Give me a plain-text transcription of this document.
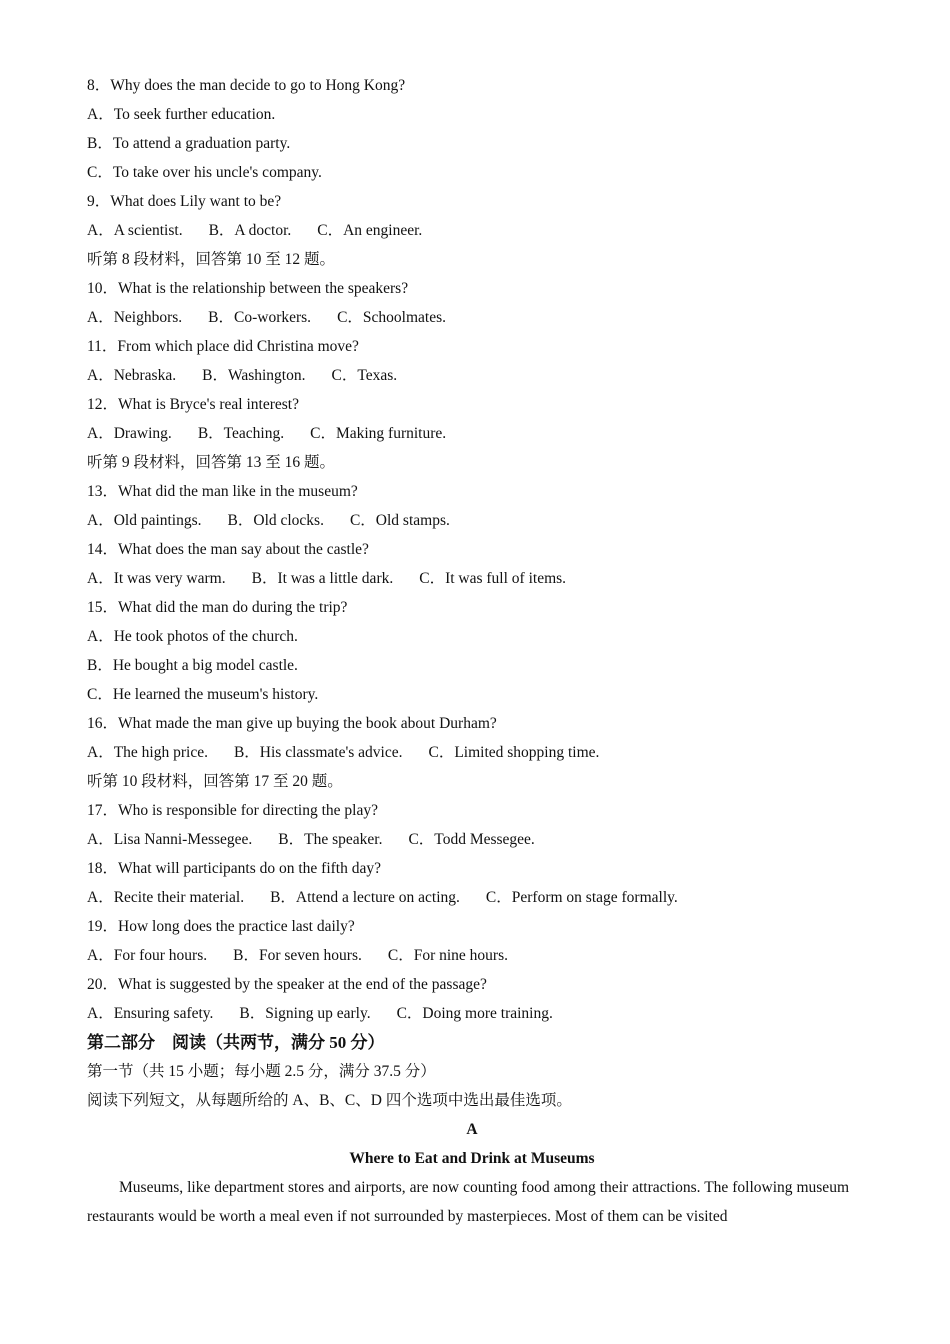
8．Why does the man decide to go to Hong Kong?
A．To seek further education.
B．To attend a graduation party.
C．To take over his uncle's company.
9．What does Lily want to be?
A．A scientist. B．A doctor. C．An engineer.
听第 8 段材料，回答第 10 至 12 题。
10．What is the relationship between the speakers?
A．Neighbors. B．Co-workers. C．Schoolmates.
11．From which place did Christina move?
A．Nebraska. B．Washington. C．Texas.
12．What is Bryce's real interest?
A．Drawing. B．Teaching. C．Making furniture.
听第 9 段材料，回答第 13 至 16 题。
13．What did the man like in the museum?
A．Old paintings. B．Old clocks. C．Old stamps.
14．What does the man say about the castle?
A．It was very warm. B．It was a little dark. C．It was full of items.
15．What did the man do during the trip?
A．He took photos of the church.
B．He bought a big model castle.
C．He learned the museum's history.
16．What made the man give up buying the book about Durham?
A．The high price. B．His classmate's advice. C．Limited shopping time.
听第 10 段材料，回答第 17 至 20 题。
17．Who is responsible for directing the play?
A．Lisa Nanni-Messegee. B．The speaker. C．Todd Messegee.
18．What will participants do on the fifth day?
A．Recite their material. B．Attend a lecture on acting. C．Perform on stage formally.
19．How long does the practice last daily?
A．For four hours. B．For seven hours. C．For nine hours.
20．What is suggested by the speaker at the end of the passage?
A．Ensuring safety. B．Signing up early. C．Doing more training.
第二部分　阅读（共两节，满分 50 分）
第一节（共 15 小题；每小题 2.5 分，满分 37.5 分）
阅读下列短文，从每题所给的 A、B、C、D 四个选项中选出最佳选项。
A
Where to Eat and Drink at Museums
Museums, like department stores and airports, are now counting food among their attractions. The following museum restaurants would be worth a meal even if not surrounded by masterpieces. Most of them can be visited
